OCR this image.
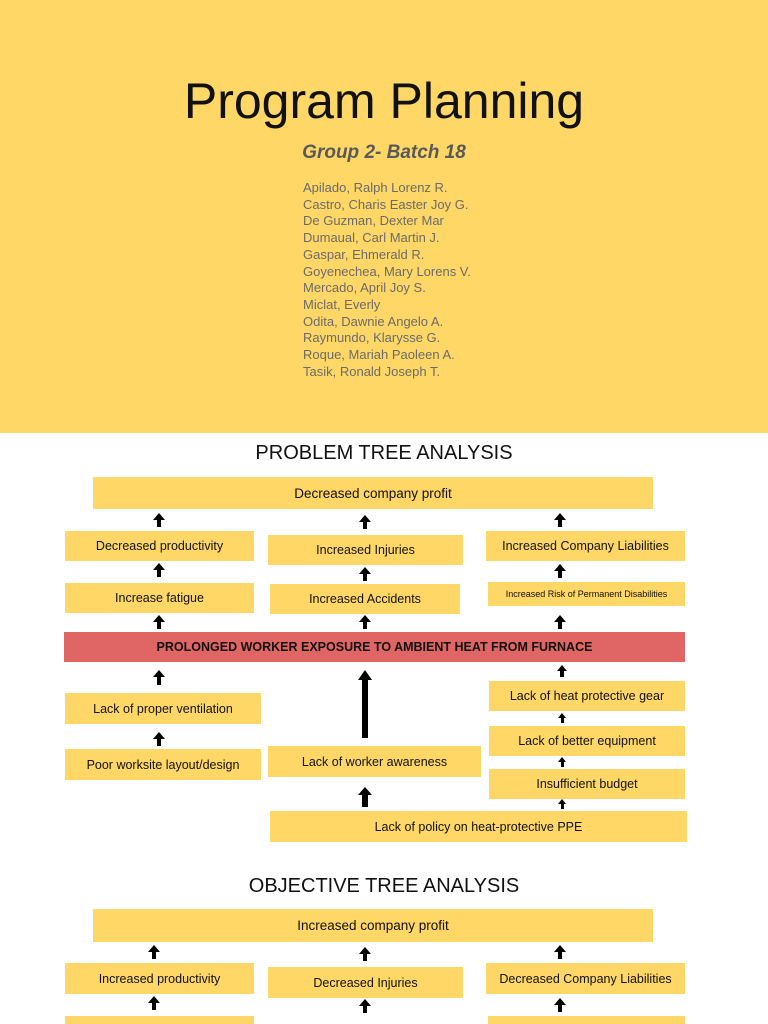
Program Planning
Group 2- Batch 18
Apilado, Ralph Lorenz R.
Castro, Charis Easter Joy G.
De Guzman, Dexter Mar
Dumaual, Carl Martin J.
Gaspar, Ehmerald R.
Goyenechea, Mary Lorens V.
Mercado, April Joy S.
Miclat, Everly
Odita, Dawnie Angelo A.
Raymundo, Klarysse G.
Roque, Mariah Paoleen A.
Tasik, Ronald Joseph T.
PROBLEM TREE ANALYSIS
Decreased company profit
Decreased productivity	Increased Injuries	Increased Company Liabilities
Increase fatigue	Increased Accidents	Increased Risk of Permanent Disabilities
PROLONGED WORKER EXPOSURE TO AMBIENT HEAT FROM FURNACE
Lack of proper ventilation
Poor worksite layout/design	Lack of worker awareness
Lack of heat protective gear
Lack of better equipment
Insufficient budget
Lack of policy on heat-protective PPE
OBJECTIVE TREE ANALYSIS
Increased company profit
Increased productivity	Decreased Injuries	Decreased Company Liabilities
